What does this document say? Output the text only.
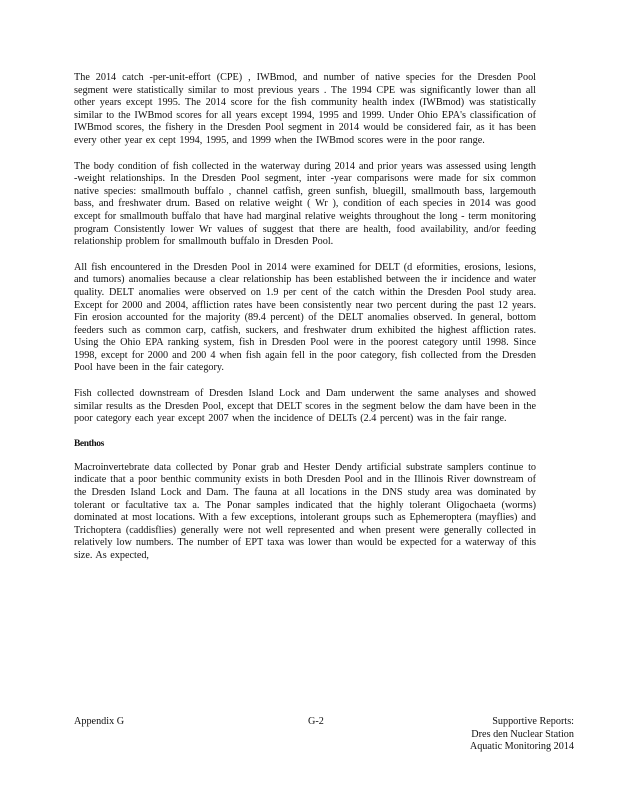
The 2014 catch -per-unit-effort (CPE) , IWBmod, and number of native species for the Dresden Pool segment were statistically similar to most previous years . The 1994 CPE was significantly lower than all other years except 1995. The 2014 score for the fish community health index (IWBmod) was statistically similar to the IWBmod scores for all years except 1994, 1995 and 1999. Under Ohio EPA's classification of IWBmod scores, the fishery in the Dresden Pool segment in 2014 would be considered fair, as it has been every other year ex cept 1994, 1995, and 1999 when the IWBmod scores were in the poor range.

The body condition of fish collected in the waterway during 2014 and prior years was assessed using length -weight relationships. In the Dresden Pool segment, inter -year comparisons were made for six common native species: smallmouth buffalo , channel catfish, green sunfish, bluegill, smallmouth bass, largemouth bass, and freshwater drum. Based on relative weight ( Wr ), condition of each species in 2014 was good except for smallmouth buffalo that have had marginal relative weights throughout the long - term monitoring program Consistently lower Wr values of suggest that there are health, food availability, and/or feeding relationship problem for smallmouth buffalo in Dresden Pool.

All fish encountered in the Dresden Pool in 2014 were examined for DELT (d eformities, erosions, lesions, and tumors) anomalies because a clear relationship has been established between the ir incidence and water quality. DELT anomalies were observed on 1.9 per cent of the catch within the Dresden Pool study area. Except for 2000 and 2004, affliction rates have been consistently near two percent during the past 12 years. Fin erosion accounted for the majority (89.4 percent) of the DELT anomalies observed. In general, bottom feeders such as common carp, catfish, suckers, and freshwater drum exhibited the highest affliction rates. Using the Ohio EPA ranking system, fish in Dresden Pool were in the poorest category until 1998. Since 1998, except for 2000 and 200 4 when fish again fell in the poor category, fish collected from the Dresden Pool have been in the fair category.

Fish collected downstream of Dresden Island Lock and Dam underwent the same analyses and showed similar results as the Dresden Pool, except that DELT scores in the segment below the dam have been in the poor category each year except 2007 when the incidence of DELTs (2.4 percent) was in the fair range.

Benthos

Macroinvertebrate data collected by Ponar grab and Hester Dendy artificial substrate samplers continue to indicate that a poor benthic community exists in both Dresden Pool and in the Illinois River downstream of the Dresden Island Lock and Dam. The fauna at all locations in the DNS study area was dominated by tolerant or facultative tax a. The Ponar samples indicated that the highly tolerant Oligochaeta (worms) dominated at most locations. With a few exceptions, intolerant groups such as Ephemeroptera (mayflies) and Trichoptera (caddisflies) generally were not well represented and when present were generally collected in relatively low numbers. The number of EPT taxa was lower than would be expected for a waterway of this size. As expected,

Appendix G	G-2	Supportive Reports:
Dres den Nuclear Station
Aquatic Monitoring 2014
